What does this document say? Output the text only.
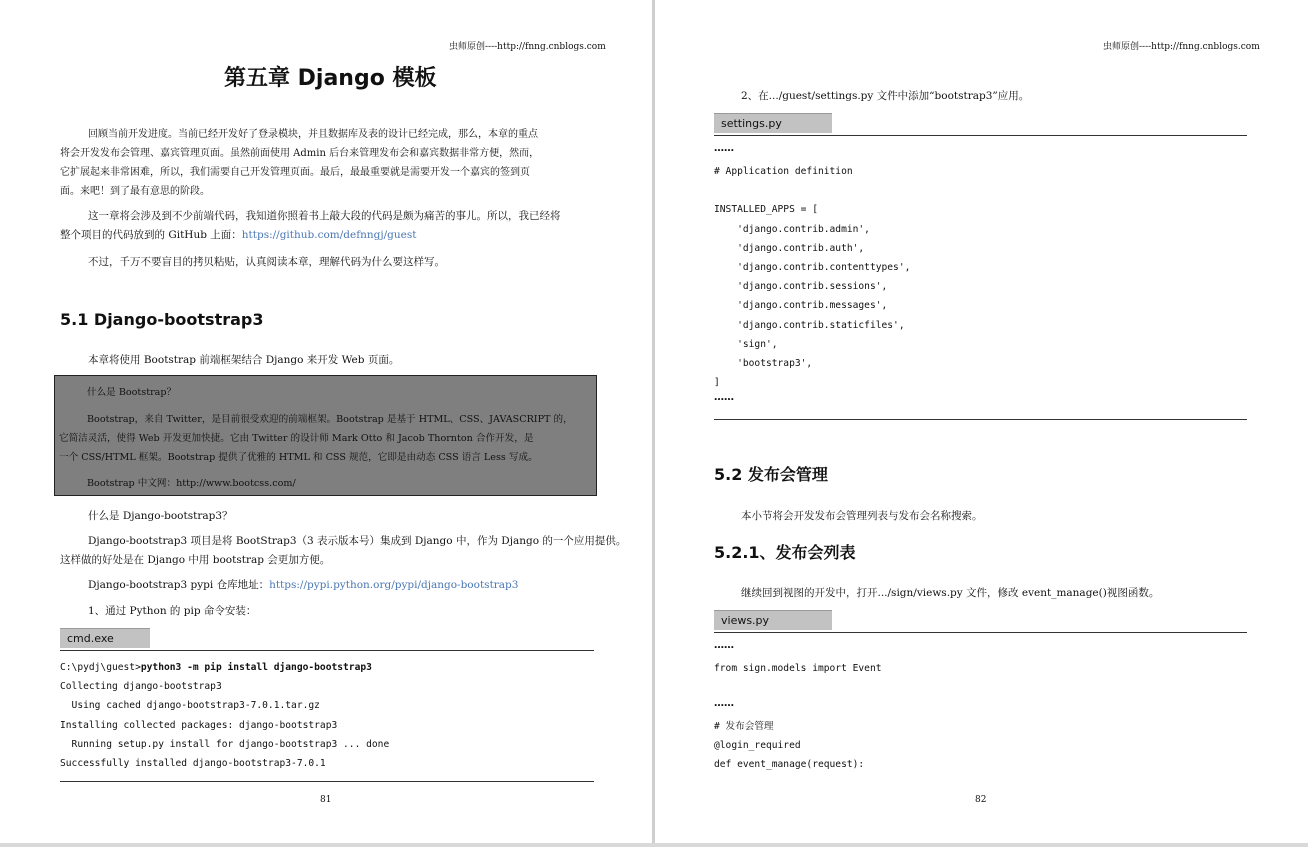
虫师原创----http://fnng.cnblogs.com
第五章 Django 模板
回顾当前开发进度。当前已经开发好了登录模块，并且数据库及表的设计已经完成，那么，本章的重点
将会开发发布会管理、嘉宾管理页面。虽然前面使用 Admin 后台来管理发布会和嘉宾数据非常方便，然而，
它扩展起来非常困难，所以，我们需要自己开发管理页面。最后，最最重要就是需要开发一个嘉宾的签到页
面。来吧！到了最有意思的阶段。
这一章将会涉及到不少前端代码，我知道你照着书上敲大段的代码是颇为痛苦的事儿。所以，我已经将
整个项目的代码放到的 GitHub 上面：https://github.com/defnngj/guest
不过，千万不要盲目的拷贝粘贴，认真阅读本章，理解代码为什么要这样写。
5.1 Django-bootstrap3
本章将使用 Bootstrap 前端框架结合 Django 来开发 Web 页面。
什么是 Bootstrap？
Bootstrap，来自 Twitter，是目前很受欢迎的前端框架。Bootstrap 是基于 HTML、CSS、JAVASCRIPT 的，
它简洁灵活，使得 Web 开发更加快捷。它由 Twitter 的设计师 Mark Otto 和 Jacob Thornton 合作开发，是
一个 CSS/HTML 框架。Bootstrap 提供了优雅的 HTML 和 CSS 规范，它即是由动态 CSS 语言 Less 写成。
Bootstrap 中文网：http://www.bootcss.com/
什么是 Django-bootstrap3？
Django-bootstrap3 项目是将 BootStrap3（3 表示版本号）集成到 Django 中，作为 Django 的一个应用提供。
这样做的好处是在 Django 中用 bootstrap 会更加方便。
Django-bootstrap3 pypi 仓库地址：https://pypi.python.org/pypi/django-bootstrap3
1、通过 Python 的 pip 命令安装：
cmd.exe
C:\pydj\guest>python3 -m pip install django-bootstrap3
Collecting django-bootstrap3
Using cached django-bootstrap3-7.0.1.tar.gz
Installing collected packages: django-bootstrap3
Running setup.py install for django-bootstrap3 ... done
Successfully installed django-bootstrap3-7.0.1
81
虫师原创----http://fnng.cnblogs.com
2、在.../guest/settings.py 文件中添加“bootstrap3”应用。
settings.py
……
# Application definition

INSTALLED_APPS = [
'django.contrib.admin',
'django.contrib.auth',
'django.contrib.contenttypes',
'django.contrib.sessions',
'django.contrib.messages',
'django.contrib.staticfiles',
'sign',
'bootstrap3',
]
……
5.2 发布会管理
本小节将会开发发布会管理列表与发布会名称搜索。
5.2.1、发布会列表
继续回到视图的开发中，打开.../sign/views.py 文件，修改 event_manage()视图函数。
views.py
……
from sign.models import Event
……
# 发布会管理
@login_required
def event_manage(request):
82
